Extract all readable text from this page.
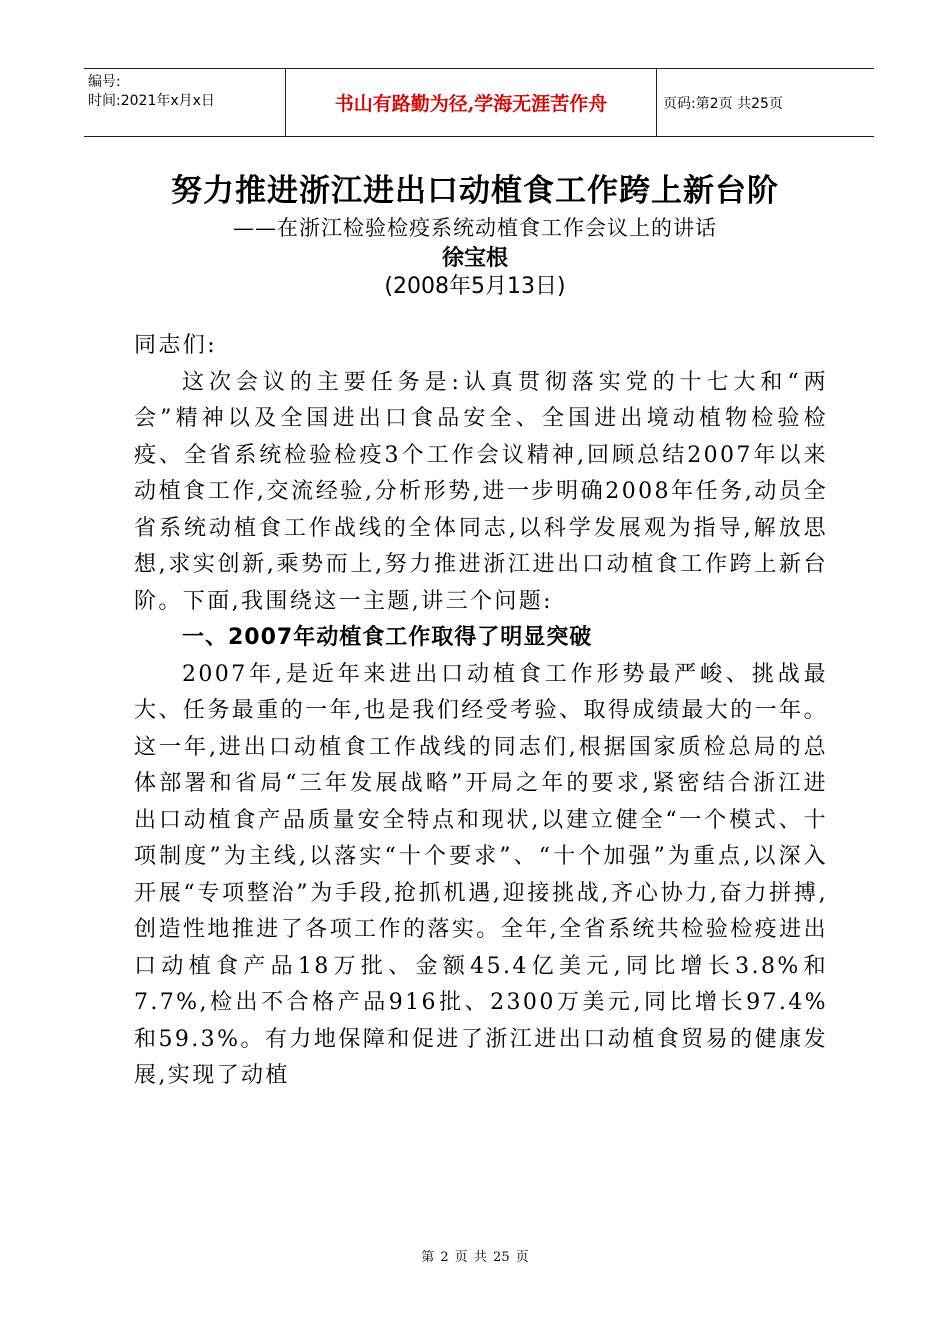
编号:
时间:2021年x月x日	书山有路勤为径,学海无涯苦作舟	页码:第2页 共25页
努力推进浙江进出口动植食工作跨上新台阶
——在浙江检验检疫系统动植食工作会议上的讲话
徐宝根
(2008年5月13日)

同志们:

这次会议的主要任务是:认真贯彻落实党的十七大和“两会”精神以及全国进出口食品安全、全国进出境动植物检验检疫、全省系统检验检疫3个工作会议精神,回顾总结2007年以来动植食工作,交流经验,分析形势,进一步明确2008年任务,动员全省系统动植食工作战线的全体同志,以科学发展观为指导,解放思想,求实创新,乘势而上,努力推进浙江进出口动植食工作跨上新台阶。下面,我围绕这一主题,讲三个问题:

一、2007年动植食工作取得了明显突破

2007年,是近年来进出口动植食工作形势最严峻、挑战最大、任务最重的一年,也是我们经受考验、取得成绩最大的一年。这一年,进出口动植食工作战线的同志们,根据国家质检总局的总体部署和省局“三年发展战略”开局之年的要求,紧密结合浙江进出口动植食产品质量安全特点和现状,以建立健全“一个模式、十项制度”为主线,以落实“十个要求”、“十个加强”为重点,以深入开展“专项整治”为手段,抢抓机遇,迎接挑战,齐心协力,奋力拼搏,创造性地推进了各项工作的落实。全年,全省系统共检验检疫进出口动植食产品18万批、金额45.4亿美元,同比增长3.8%和7.7%,检出不合格产品916批、2300万美元,同比增长97.4%和59.3%。有力地保障和促进了浙江进出口动植食贸易的健康发展,实现了动植

第 2 页 共 25 页
